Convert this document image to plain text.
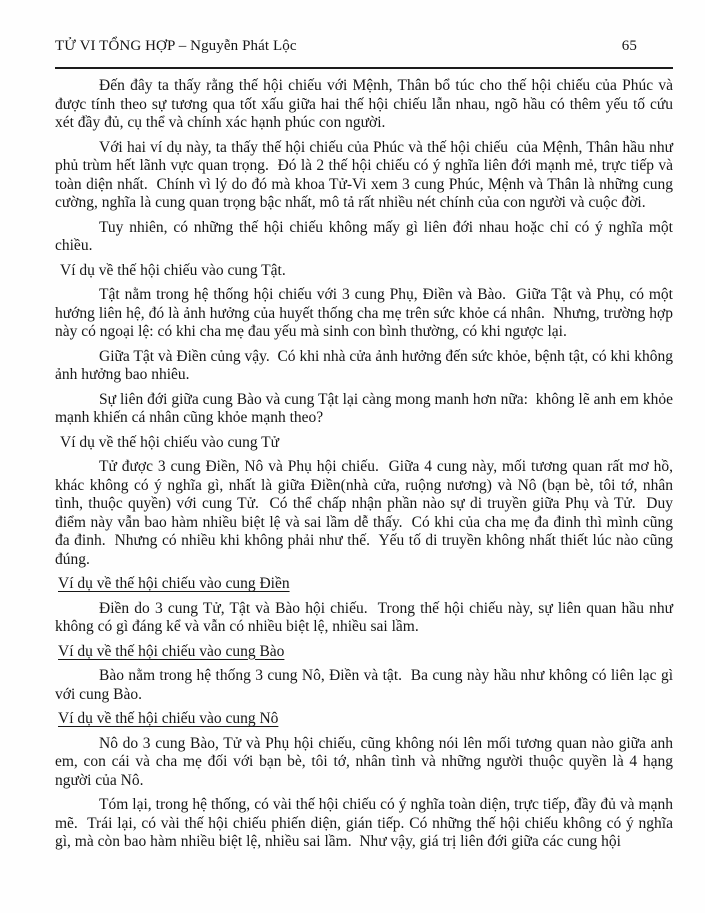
TỬ VI TỔNG HỢP – Nguyễn Phát Lộc	65

Đến đây ta thấy rằng thế hội chiếu với Mệnh, Thân bổ túc cho thế hội chiếu của Phúc và được tính theo sự tương qua tốt xấu giữa hai thế hội chiếu lẫn nhau, ngõ hầu có thêm yếu tố cứu xét đầy đủ, cụ thể và chính xác hạnh phúc con người.

Với hai ví dụ này, ta thấy thế hội chiếu của Phúc và thế hội chiếu  của Mệnh, Thân hầu như phủ trùm hết lãnh vực quan trọng.  Đó là 2 thế hội chiếu có ý nghĩa liên đới mạnh mẻ, trực tiếp và toàn diện nhất.  Chính vì lý do đó mà khoa Tử-Vi xem 3 cung Phúc, Mệnh và Thân là những cung cường, nghĩa là cung quan trọng bậc nhất, mô tả rất nhiều nét chính của con người và cuộc đời.

Tuy nhiên, có những thế hội chiếu không mấy gì liên đới nhau hoặc chỉ có ý nghĩa một chiều.

Ví dụ về thế hội chiếu vào cung Tật.

Tật nằm trong hệ thống hội chiếu với 3 cung Phụ, Điền và Bào.  Giữa Tật và Phụ, có một hướng liên hệ, đó là ảnh hưởng của huyết thống cha mẹ trên sức khỏe cá nhân.  Nhưng, trường hợp này có ngoại lệ: có khi cha mẹ đau yếu mà sinh con bình thường, có khi ngược lại.

Giữa Tật và Điền củng vậy.  Có khi nhà cửa ảnh hưởng đến sức khỏe, bệnh tật, có khi không ảnh hưởng bao nhiêu.

Sự liên đới giữa cung Bào và cung Tật lại càng mong manh hơn nữa:  không lẽ anh em khỏe mạnh khiến cá nhân cũng khỏe mạnh theo?

Ví dụ về thế hội chiếu vào cung Tử

Tử được 3 cung Điền, Nô và Phụ hội chiếu.  Giữa 4 cung này, mối tương quan rất mơ hồ, khác không có ý nghĩa gì, nhất là giữa Điền(nhà cửa, ruộng nương) và Nô (bạn bè, tôi tớ, nhân tình, thuộc quyền) với cung Tử.  Có thể chấp nhận phần nào sự di truyền giữa Phụ và Tử.  Duy điểm này vẫn bao hàm nhiều biệt lệ và sai lầm dễ thấy.  Có khi của cha mẹ đa đinh thì mình cũng đa đinh.  Nhưng có nhiều khi không phải như thế.  Yếu tố di truyền không nhất thiết lúc nào cũng đúng.

Ví dụ về thế hội chiếu vào cung Điền

Điền do 3 cung Tử, Tật và Bào hội chiếu.  Trong thế hội chiếu này, sự liên quan hầu như không có gì đáng kể và vẫn có nhiều biệt lệ, nhiều sai lầm.

Ví dụ về thế hội chiếu vào cung Bào

Bào nằm trong hệ thống 3 cung Nô, Điền và tật.  Ba cung này hầu như không có liên lạc gì với cung Bào.

Ví dụ về thế hội chiếu vào cung Nô

Nô do 3 cung Bào, Tử và Phụ hội chiếu, cũng không nói lên mối tương quan nào giữa anh em, con cái và cha mẹ đối với bạn bè, tôi tớ, nhân tình và những người thuộc quyền là 4 hạng người của Nô.

Tóm lại, trong hệ thống, có vài thế hội chiếu có ý nghĩa toàn diện, trực tiếp, đầy đủ và mạnh mẽ.  Trái lại, có vài thế hội chiếu phiến diện, gián tiếp. Có những thế hội chiếu không có ý nghĩa gì, mà còn bao hàm nhiều biệt lệ, nhiều sai lầm.  Như vậy, giá trị liên đới giữa các cung hội
